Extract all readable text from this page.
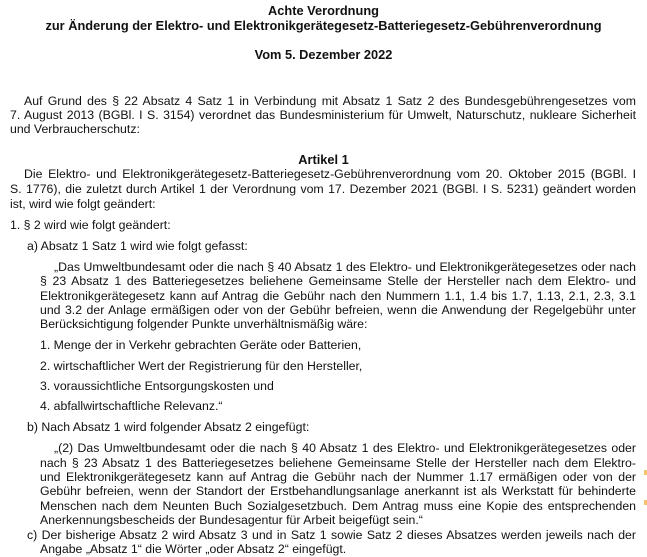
Achte Verordnung
zur Änderung der Elektro- und Elektronikgerätegesetz-Batteriegesetz-Gebührenverordnung
Vom 5. Dezember 2022
Auf Grund des § 22 Absatz 4 Satz 1 in Verbindung mit Absatz 1 Satz 2 des Bundesgebührengesetzes vom
7. August 2013 (BGBl. I S. 3154) verordnet das Bundesministerium für Umwelt, Naturschutz, nukleare Sicherheit
und Verbraucherschutz:
Artikel 1
Die Elektro- und Elektronikgerätegesetz-Batteriegesetz-Gebührenverordnung vom 20. Oktober 2015 (BGBl. I
S. 1776), die zuletzt durch Artikel 1 der Verordnung vom 17. Dezember 2021 (BGBl. I S. 5231) geändert worden
ist, wird wie folgt geändert:
1. § 2 wird wie folgt geändert:
a) Absatz 1 Satz 1 wird wie folgt gefasst:
„Das Umweltbundesamt oder die nach § 40 Absatz 1 des Elektro- und Elektronikgerätegesetzes oder nach
§ 23 Absatz 1 des Batteriegesetzes beliehene Gemeinsame Stelle der Hersteller nach dem Elektro- und
Elektronikgerätegesetz kann auf Antrag die Gebühr nach den Nummern 1.1, 1.4 bis 1.7, 1.13, 2.1, 2.3, 3.1
und 3.2 der Anlage ermäßigen oder von der Gebühr befreien, wenn die Anwendung der Regelgebühr unter
Berücksichtigung folgender Punkte unverhältnismäßig wäre:
1. Menge der in Verkehr gebrachten Geräte oder Batterien,
2. wirtschaftlicher Wert der Registrierung für den Hersteller,
3. voraussichtliche Entsorgungskosten und
4. abfallwirtschaftliche Relevanz.“
b) Nach Absatz 1 wird folgender Absatz 2 eingefügt:
„(2) Das Umweltbundesamt oder die nach § 40 Absatz 1 des Elektro- und Elektronikgerätegesetzes oder
nach § 23 Absatz 1 des Batteriegesetzes beliehene Gemeinsame Stelle der Hersteller nach dem Elektro-
und Elektronikgerätegesetz kann auf Antrag die Gebühr nach der Nummer 1.17 ermäßigen oder von der
Gebühr befreien, wenn der Standort der Erstbehandlungsanlage anerkannt ist als Werkstatt für behinderte
Menschen nach dem Neunten Buch Sozialgesetzbuch. Dem Antrag muss eine Kopie des entsprechenden
Anerkennungsbescheids der Bundesagentur für Arbeit beigefügt sein.“
c) Der bisherige Absatz 2 wird Absatz 3 und in Satz 1 sowie Satz 2 dieses Absatzes werden jeweils nach der
Angabe „Absatz 1“ die Wörter „oder Absatz 2“ eingefügt.
